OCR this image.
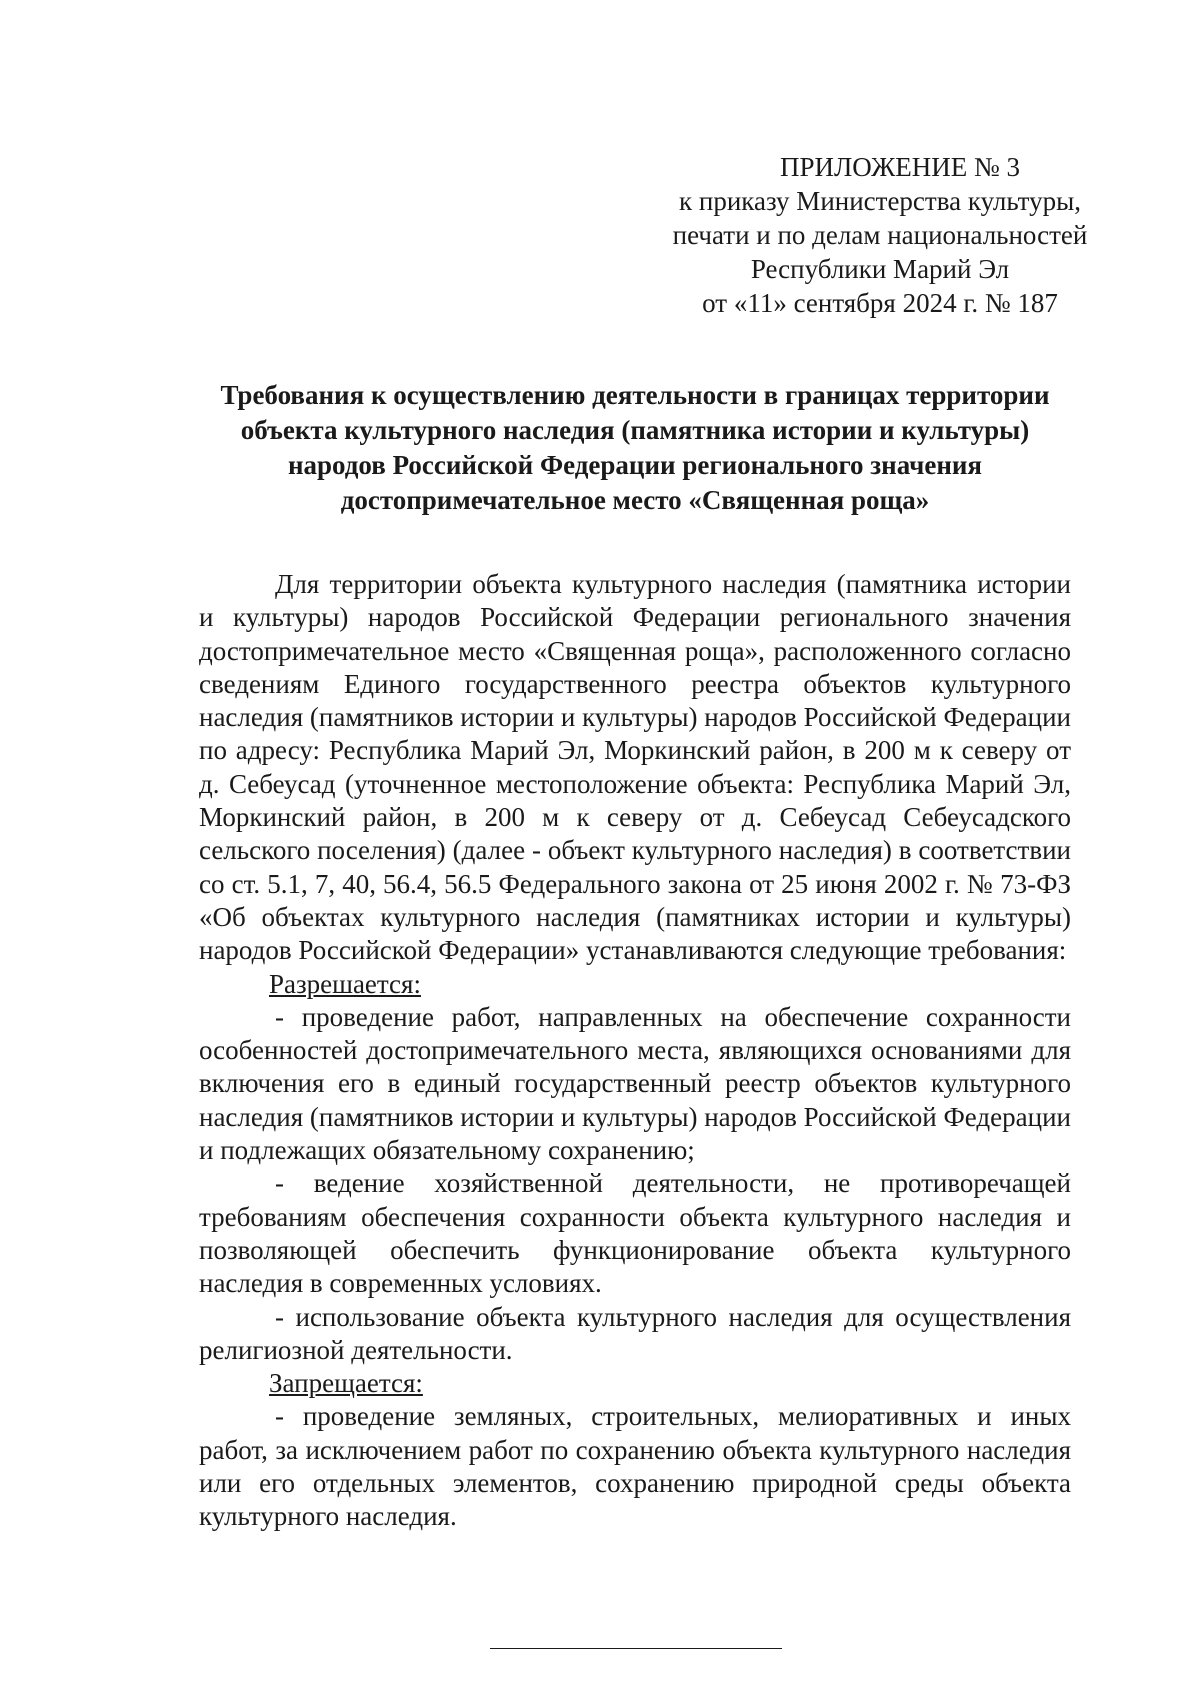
ПРИЛОЖЕНИЕ № 3
к приказу Министерства культуры,
печати и по делам национальностей
Республики Марий Эл
от «11» сентября 2024 г. № 187
Требования к осуществлению деятельности в границах территории
объекта культурного наследия (памятника истории и культуры)
народов Российской Федерации регионального значения
достопримечательное место «Священная роща»

Для территории объекта культурного наследия (памятника истории и культуры) народов Российской Федерации регионального значения достопримечательное место «Священная роща», расположенного согласно сведениям Единого государственного реестра объектов культурного наследия (памятников истории и культуры) народов Российской Федерации по адресу: Республика Марий Эл, Моркинский район, в 200 м к северу от д. Себеусад (уточненное местоположение объекта: Республика Марий Эл, Моркинский район, в 200 м к северу от д. Себеусад Себеусадского сельского поселения) (далее - объект культурного наследия) в соответствии со ст. 5.1, 7, 40, 56.4, 56.5 Федерального закона от 25 июня 2002 г. № 73-ФЗ «Об объектах культурного наследия (памятниках истории и культуры) народов Российской Федерации» устанавливаются следующие требования:

Разрешается:

- проведение работ, направленных на обеспечение сохранности особенностей достопримечательного места, являющихся основаниями для включения его в единый государственный реестр объектов культурного наследия (памятников истории и культуры) народов Российской Федерации и подлежащих обязательному сохранению;

- ведение хозяйственной деятельности, не противоречащей требованиям обеспечения сохранности объекта культурного наследия и позволяющей обеспечить функционирование объекта культурного наследия в современных условиях.

- использование объекта культурного наследия для осуществления религиозной деятельности.

Запрещается:

- проведение земляных, строительных, мелиоративных и иных работ, за исключением работ по сохранению объекта культурного наследия или его отдельных элементов, сохранению природной среды объекта культурного наследия.
